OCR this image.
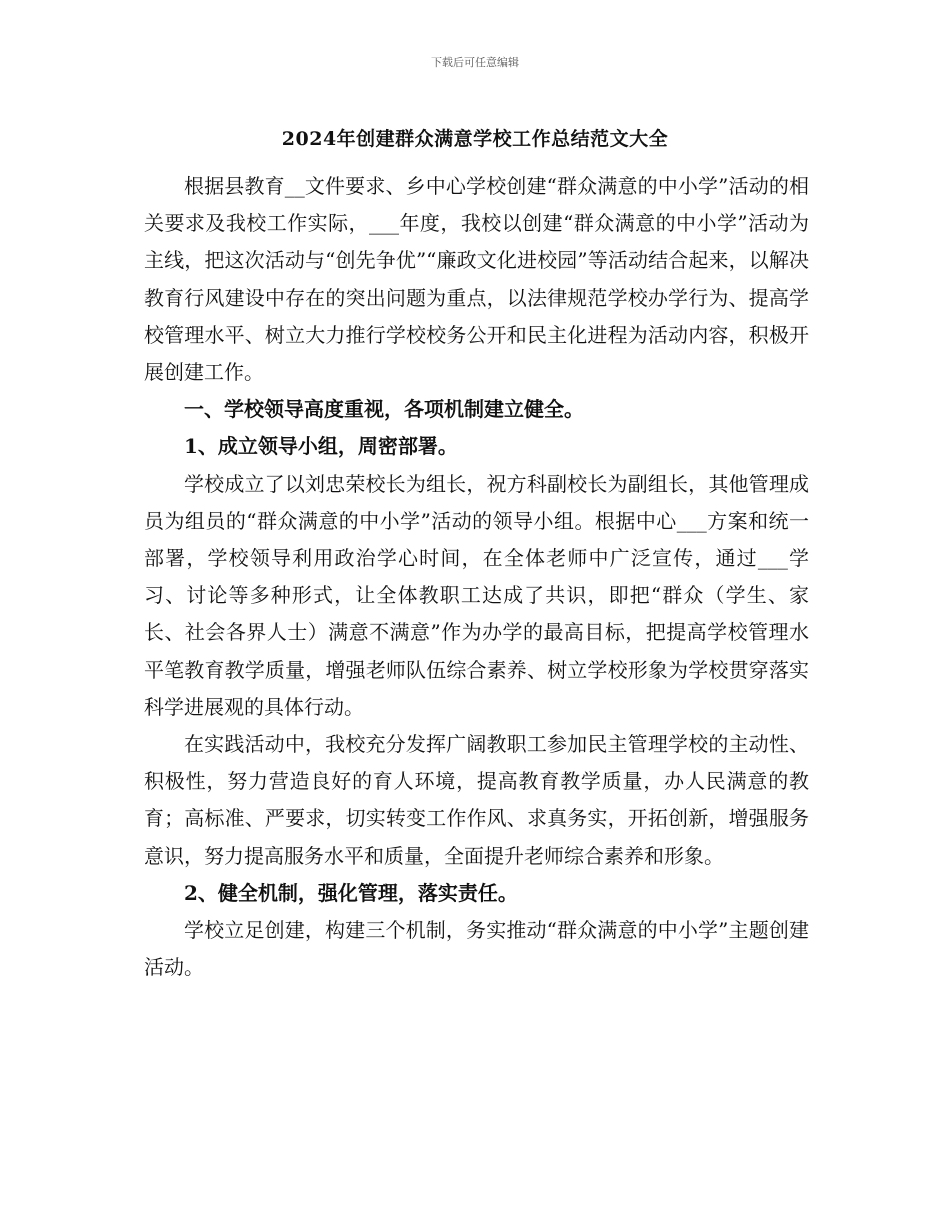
下载后可任意编辑
2024年创建群众满意学校工作总结范文大全

根据县教育__文件要求、乡中心学校创建“群众满意的中小学”活动的相关要求及我校工作实际，___年度，我校以创建“群众满意的中小学”活动为主线，把这次活动与“创先争优”“廉政文化进校园”等活动结合起来，以解决教育行风建设中存在的突出问题为重点，以法律规范学校办学行为、提高学校管理水平、树立大力推行学校校务公开和民主化进程为活动内容，积极开展创建工作。

一、学校领导高度重视，各项机制建立健全。
1、成立领导小组，周密部署。

学校成立了以刘忠荣校长为组长，祝方科副校长为副组长，其他管理成员为组员的“群众满意的中小学”活动的领导小组。根据中心___方案和统一部署，学校领导利用政治学心时间，在全体老师中广泛宣传，通过___学习、讨论等多种形式，让全体教职工达成了共识，即把“群众（学生、家长、社会各界人士）满意不满意”作为办学的最高目标，把提高学校管理水平笔教育教学质量，增强老师队伍综合素养、树立学校形象为学校贯穿落实科学进展观的具体行动。

在实践活动中，我校充分发挥广阔教职工参加民主管理学校的主动性、积极性，努力营造良好的育人环境，提高教育教学质量，办人民满意的教育；高标准、严要求，切实转变工作作风、求真务实，开拓创新，增强服务意识，努力提高服务水平和质量，全面提升老师综合素养和形象。

2、健全机制，强化管理，落实责任。

学校立足创建，构建三个机制，务实推动“群众满意的中小学”主题创建活动。
